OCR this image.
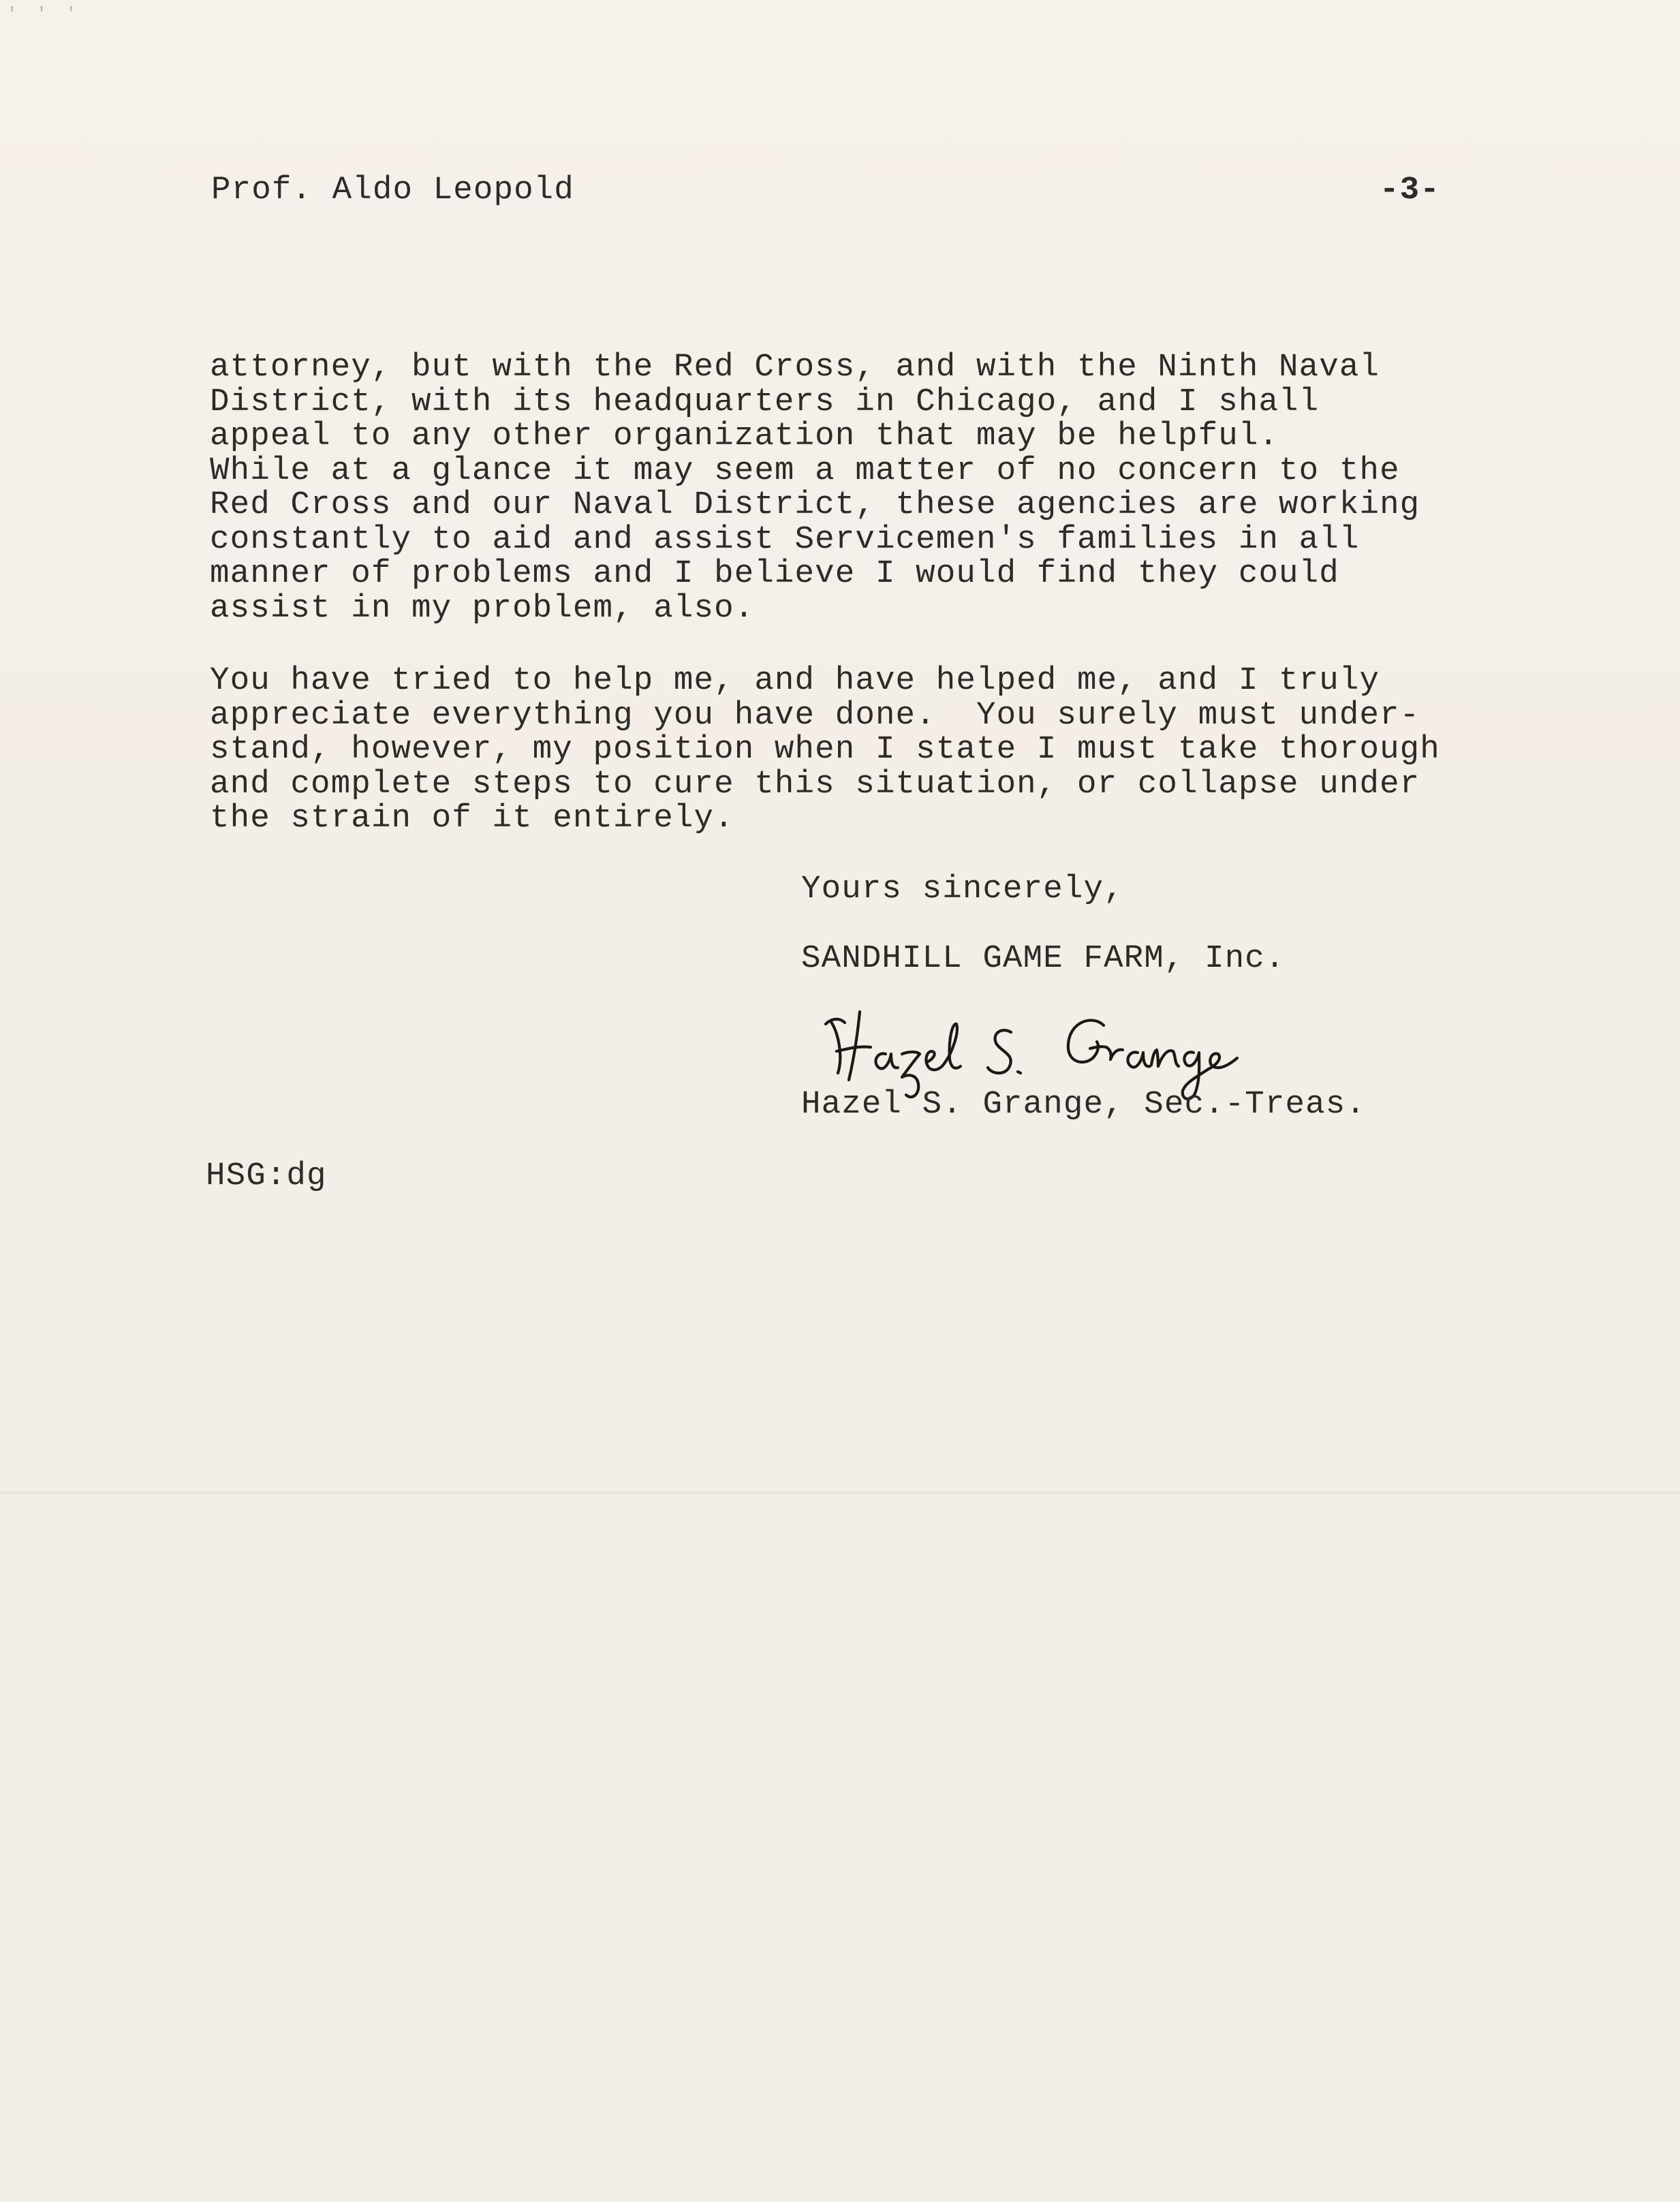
' ' '
Prof. Aldo Leopold	-3-
attorney, but with the Red Cross, and with the Ninth Naval
District, with its headquarters in Chicago, and I shall
appeal to any other organization that may be helpful.
While at a glance it may seem a matter of no concern to the
Red Cross and our Naval District, these agencies are working
constantly to aid and assist Servicemen's families in all
manner of problems and I believe I would find they could
assist in my problem, also.
You have tried to help me, and have helped me, and I truly
appreciate everything you have done.  You surely must under-
stand, however, my position when I state I must take thorough
and complete steps to cure this situation, or collapse under
the strain of it entirely.
Yours sincerely,
SANDHILL GAME FARM, Inc.
Hazel S. Grange, Sec.-Treas.
HSG:dg
